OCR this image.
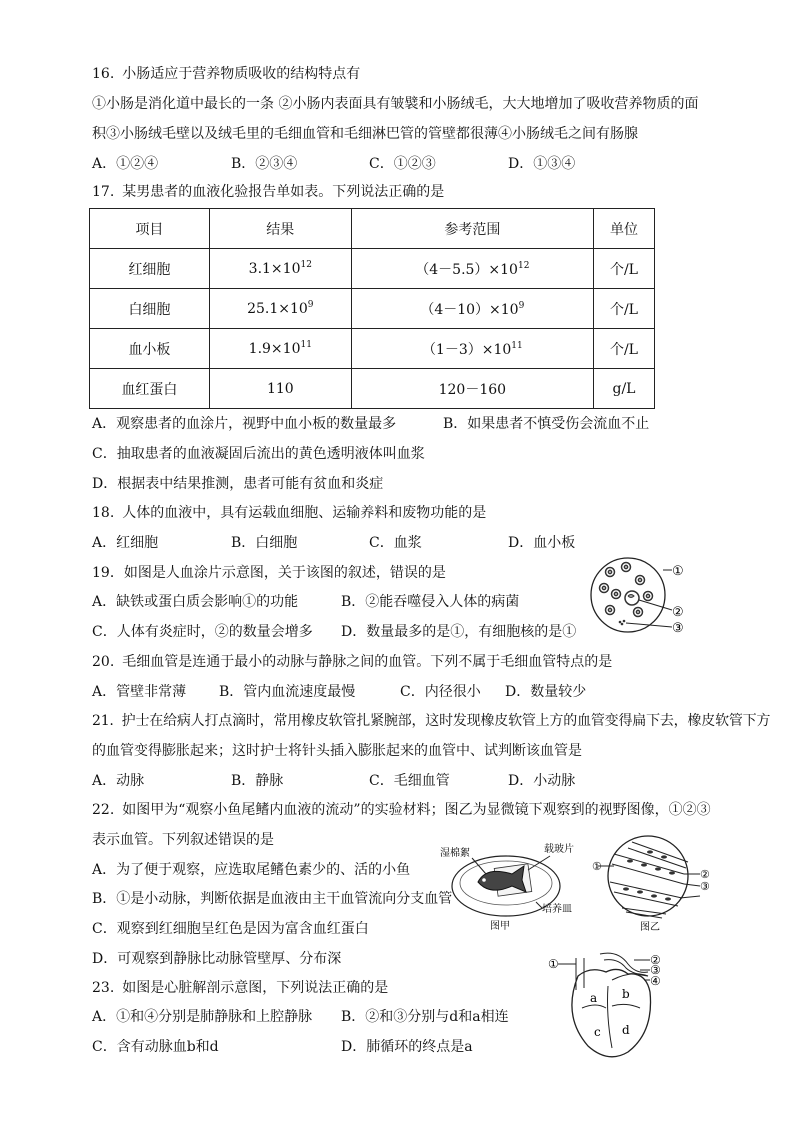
16. 小肠适应于营养物质吸收的结构特点有
①小肠是消化道中最长的一条 ②小肠内表面具有皱襞和小肠绒毛，大大地增加了吸收营养物质的面
积③小肠绒毛壁以及绒毛里的毛细血管和毛细淋巴管的管壁都很薄④小肠绒毛之间有肠腺
A．①②④	B．②③④	C．①②③	D．①③④
17. 某男患者的血液化验报告单如表。下列说法正确的是
项目	结果	参考范围	单位
红细胞	$3.1\times 10^{12}$	$(4-5.5)\times 10^{12}$	个/L
白细胞	$25.1\times 10^9$	$(4-10)\times 10^9$	个/L
血小板	$1.9\times 10^{11}$	$(1-3)\times 10^{11}$	个/L
血红蛋白	110	120－160	g/L
A．观察患者的血涂片，视野中血小板的数量最多	B．如果患者不慎受伤会流血不止
C．抽取患者的血液凝固后流出的黄色透明液体叫血浆
D．根据表中结果推测，患者可能有贫血和炎症
18. 人体的血液中，具有运载血细胞、运输养料和废物功能的是
A．红细胞	B．白细胞	C．血浆	D．血小板
19．如图是人血涂片示意图，关于该图的叙述，错误的是
A．缺铁或蛋白质会影响①的功能	B．②能吞噬侵入人体的病菌
C．人体有炎症时，②的数量会增多 D．数量最多的是①，有细胞核的是①
①
②
③
20. 毛细血管是连通于最小的动脉与静脉之间的血管。下列不属于毛细血管特点的是
A．管壁非常薄 B．管内血流速度最慢	C．内径很小 D．数量较少
21. 护士在给病人打点滴时，常用橡皮软管扎紧腕部，这时发现橡皮软管上方的血管变得扁下去，橡皮软管下方
的血管变得膨胀起来；这时护士将针头插入膨胀起来的血管中、试判断该血管是
A．动脉	B．静脉	C．毛细血管	D．小动脉
22. 如图甲为“观察小鱼尾鳍内血液的流动”的实验材料；图乙为显微镜下观察到的视野图像，①②③
表示血管。下列叙述错误的是
A．为了便于观察，应选取尾鳍色素少的、活的小鱼
B．①是小动脉，判断依据是血液由主干血管流向分支血管
C．观察到红细胞呈红色是因为富含血红蛋白
D．可观察到静脉比动脉管壁厚、分布深
湿棉絮	载玻片
培养皿
图甲
①
②
③
图乙
23. 如图是心脏解剖示意图，下列说法正确的是
A．①和④分别是肺静脉和上腔静脉 B．②和③分别与d和a相连
C．含有动脉血b和d	D．肺循环的终点是a
①	②
③
④
a b
c d
